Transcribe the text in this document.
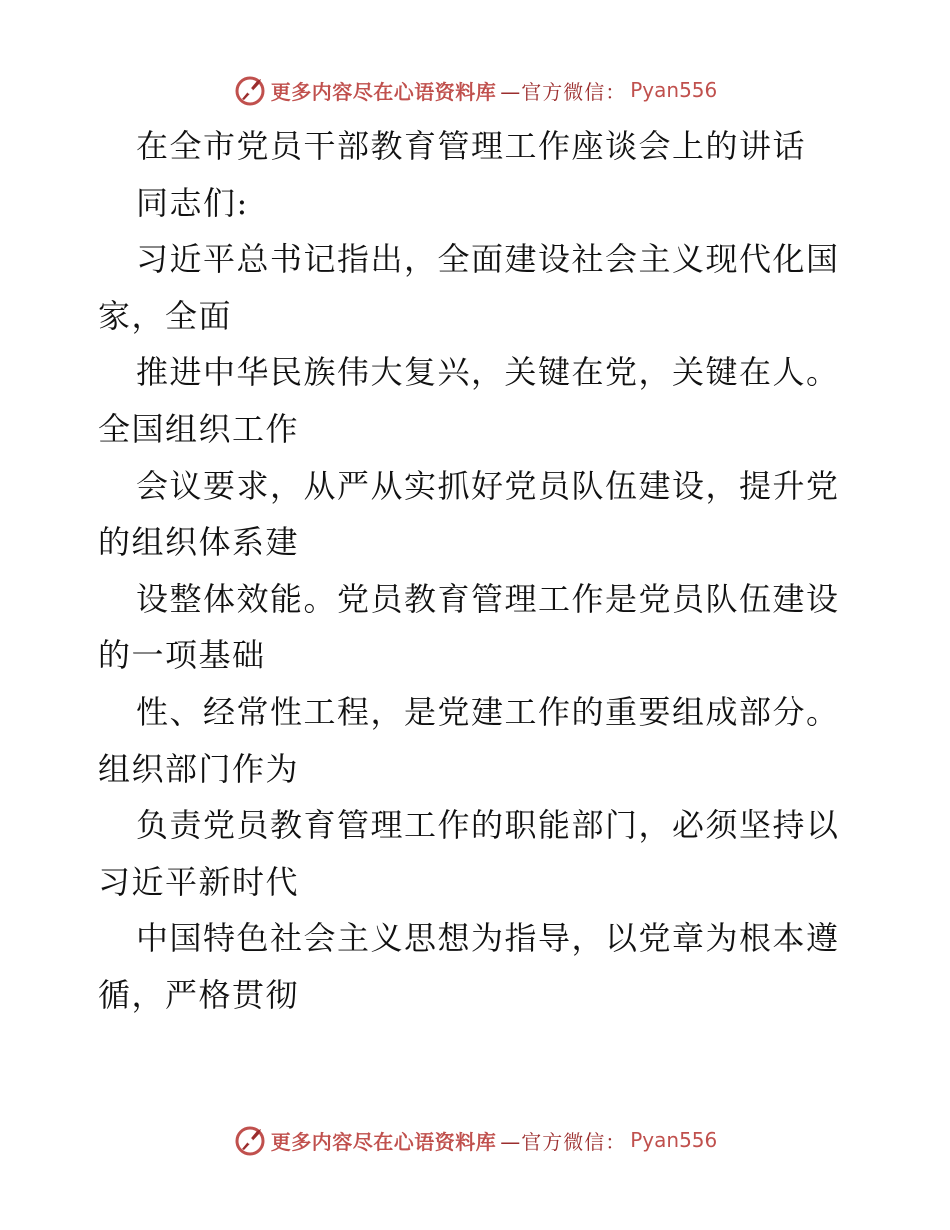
更多内容尽在心语资料库 —官方微信： Pyan556
在全市党员干部教育管理工作座谈会上的讲话
同志们:
习近平总书记指出，全面建设社会主义现代化国
家，全面
推进中华民族伟大复兴，关键在党，关键在人。
全国组织工作
会议要求，从严从实抓好党员队伍建设，提升党
的组织体系建
设整体效能。党员教育管理工作是党员队伍建设
的一项基础
性、经常性工程，是党建工作的重要组成部分。
组织部门作为
负责党员教育管理工作的职能部门，必须坚持以
习近平新时代
中国特色社会主义思想为指导，以党章为根本遵
循，严格贯彻
更多内容尽在心语资料库 —官方微信： Pyan556
